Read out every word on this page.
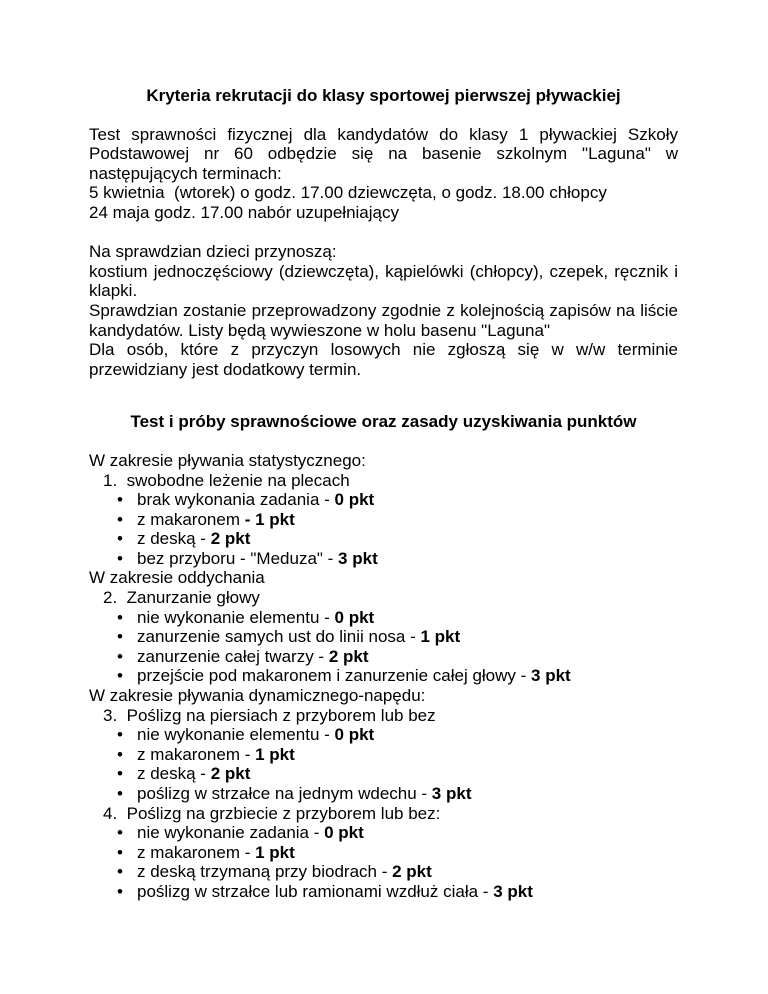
Kryteria rekrutacji do klasy sportowej pierwszej pływackiej

Test sprawności fizycznej dla kandydatów do klasy 1 pływackiej Szkoły Podstawowej nr 60 odbędzie się na basenie szkolnym "Laguna" w następujących terminach:

5 kwietnia  (wtorek) o godz. 17.00 dziewczęta, o godz. 18.00 chłopcy

24 maja godz. 17.00 nabór uzupełniający

Na sprawdzian dzieci przynoszą:

kostium jednoczęściowy (dziewczęta), kąpielówki (chłopcy), czepek, ręcznik i klapki.

Sprawdzian zostanie przeprowadzony zgodnie z kolejnością zapisów na liście kandydatów. Listy będą wywieszone w holu basenu "Laguna"

Dla osób, które z przyczyn losowych nie zgłoszą się w w/w terminie przewidziany jest dodatkowy termin.

Test i próby sprawnościowe oraz zasady uzyskiwania punktów

W zakresie pływania statystycznego:

1.  swobodne leżenie na plecach

• brak wykonania zadania - 0 pkt
• z makaronem - 1 pkt
• z deską - 2 pkt
• bez przyboru - "Meduza" - 3 pkt

W zakresie oddychania

2.  Zanurzanie głowy

• nie wykonanie elementu - 0 pkt
• zanurzenie samych ust do linii nosa - 1 pkt
• zanurzenie całej twarzy - 2 pkt
• przejście pod makaronem i zanurzenie całej głowy - 3 pkt

W zakresie pływania dynamicznego-napędu:

3.  Poślizg na piersiach z przyborem lub bez

• nie wykonanie elementu - 0 pkt
• z makaronem - 1 pkt
• z deską - 2 pkt
• poślizg w strzałce na jednym wdechu - 3 pkt

4.  Poślizg na grzbiecie z przyborem lub bez:

• nie wykonanie zadania - 0 pkt
• z makaronem - 1 pkt
• z deską trzymaną przy biodrach - 2 pkt
• poślizg w strzałce lub ramionami wzdłuż ciała - 3 pkt
